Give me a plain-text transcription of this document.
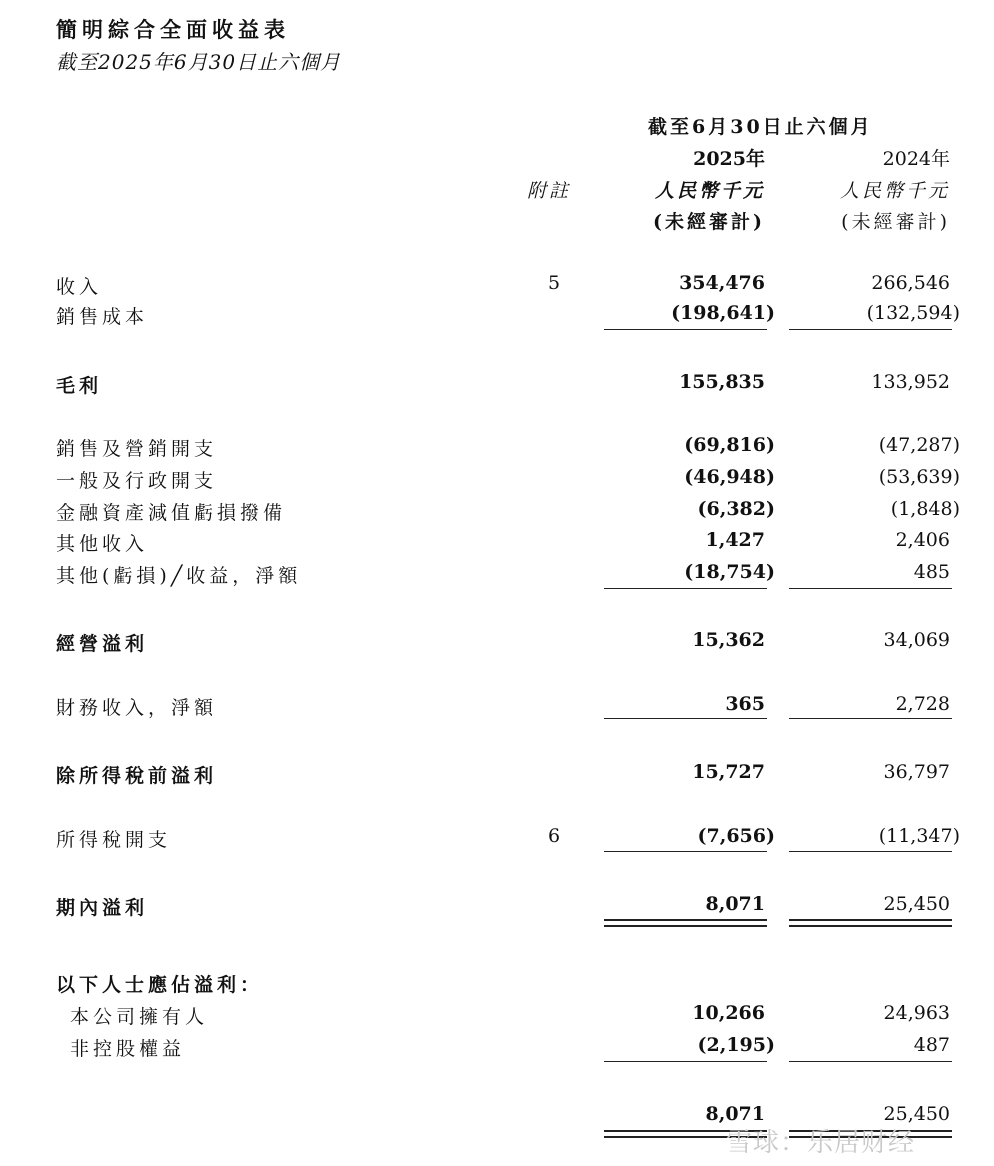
簡明綜合全面收益表
截至2025年6月30日止六個月
截至6月30日止六個月
2025年	2024年
附註	人民幣千元	人民幣千元
(未經審計)	(未經審計)
收入	5	354,476	266,546
銷售成本	(198,641)	(132,594)
毛利	155,835	133,952
銷售及營銷開支	(69,816)	(47,287)
一般及行政開支	(46,948)	(53,639)
金融資產減值虧損撥備	(6,382)	(1,848)
其他收入	1,427	2,406
其他(虧損)╱收益，淨額	(18,754)	485
經營溢利	15,362	34,069
財務收入，淨額	365	2,728
除所得稅前溢利	15,727	36,797
所得稅開支	6	(7,656)	(11,347)
期內溢利	8,071	25,450
以下人士應佔溢利：
本公司擁有人	10,266	24,963
非控股權益	(2,195)	487
8,071	25,450
雪球：乐居财经
